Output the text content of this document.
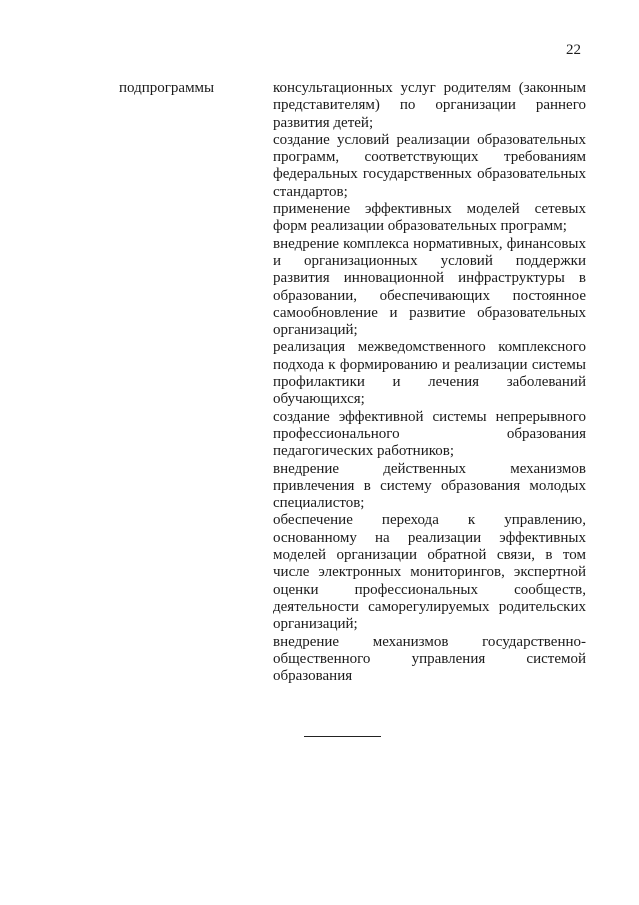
22
подпрограммы	консультационных услуг родителям (законным представителям) по организации раннего развития детей;

создание условий реализации образовательных программ, соответствующих требованиям федеральных государственных образовательных стандартов;

применение эффективных моделей сетевых форм реализации образовательных программ;

внедрение комплекса нормативных, финансовых и организационных условий поддержки развития инновационной инфраструктуры в образовании, обеспечивающих постоянное самообновление и развитие образовательных организаций;

реализация межведомственного комплексного подхода к формированию и реализации системы профилактики и лечения заболеваний обучающихся;

создание эффективной системы непрерывного профессионального образования педагогических работников;

внедрение действенных механизмов привлечения в систему образования молодых специалистов;

обеспечение перехода к управлению, основанному на реализации эффективных моделей организации обратной связи, в том числе электронных мониторингов, экспертной оценки профессиональных сообществ, деятельности саморегулируемых родительских организаций;

внедрение механизмов государственно-общественного управления системой образования
